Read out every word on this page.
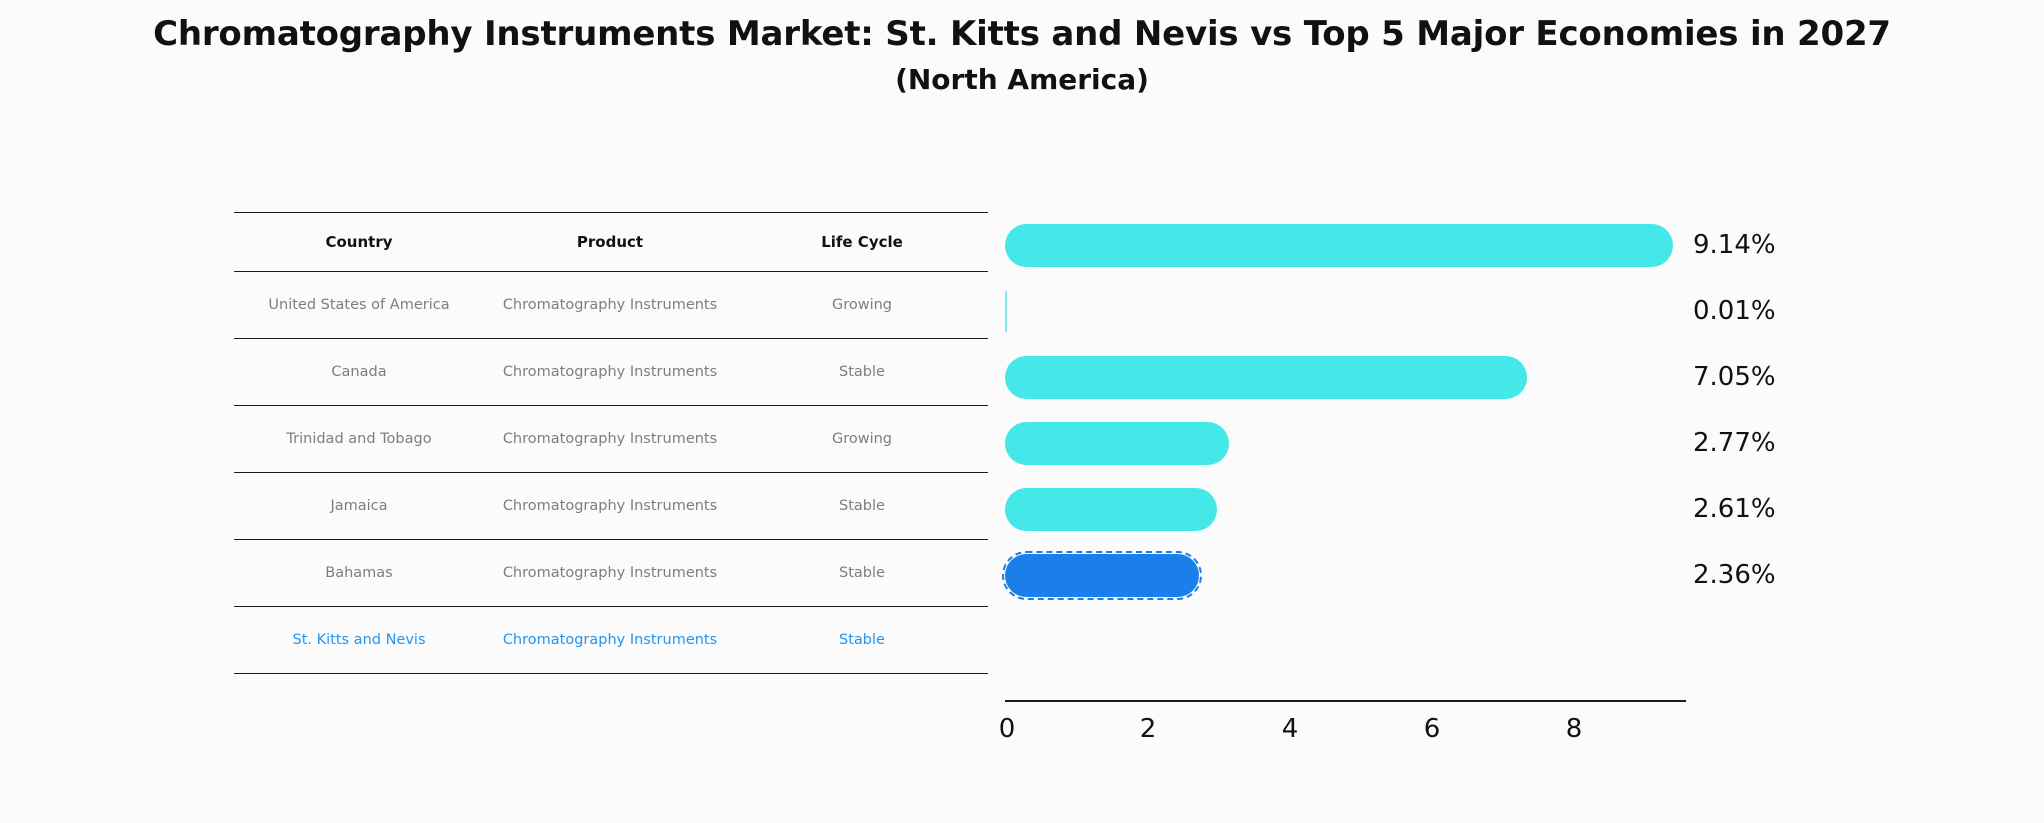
Chromatography Instruments Market: St. Kitts and Nevis vs Top 5 Major Economies in 2027
(North America)
Country	Product	Life Cycle
United States of America	Chromatography Instruments	Growing
Canada	Chromatography Instruments	Stable
Trinidad and Tobago	Chromatography Instruments	Growing
Jamaica	Chromatography Instruments	Stable
Bahamas	Chromatography Instruments	Stable
St. Kitts and Nevis	Chromatography Instruments	Stable
9.14%
0.01%
7.05%
2.77%
2.61%
2.36%
0	2	4	6	8
